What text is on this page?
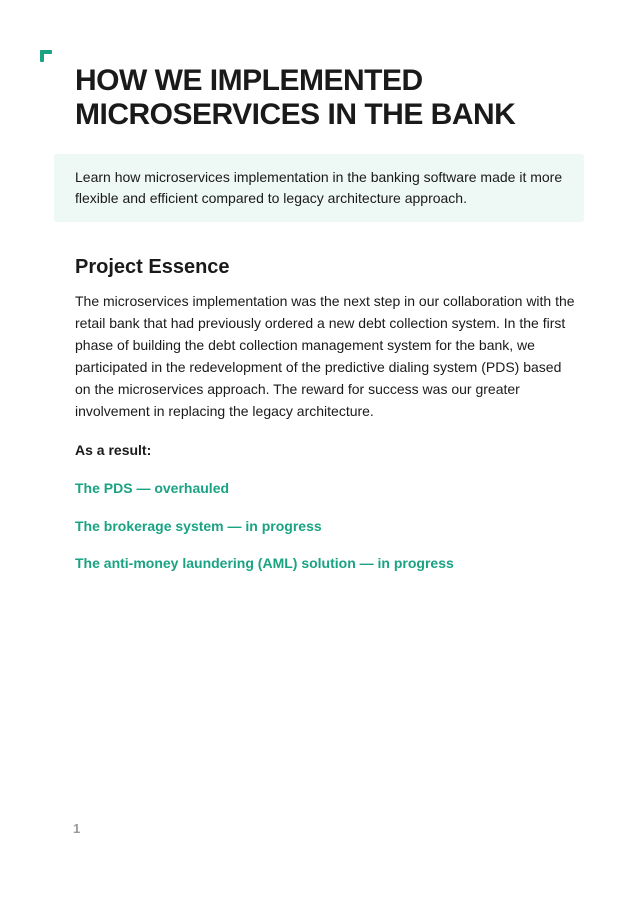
HOW WE IMPLEMENTED
MICROSERVICES IN THE BANK

Learn how microservices implementation in the banking software made it more flexible and efficient compared to legacy architecture approach.

Project Essence

The microservices implementation was the next step in our collaboration with the retail bank that had previously ordered a new debt collection system. In the first phase of building the debt collection management system for the bank, we participated in the redevelopment of the predictive dialing system (PDS) based on the microservices approach. The reward for success was our greater involvement in replacing the legacy architecture.

As a result:

The PDS — overhauled
The brokerage system — in progress
The anti-money laundering (AML) solution — in progress

1
